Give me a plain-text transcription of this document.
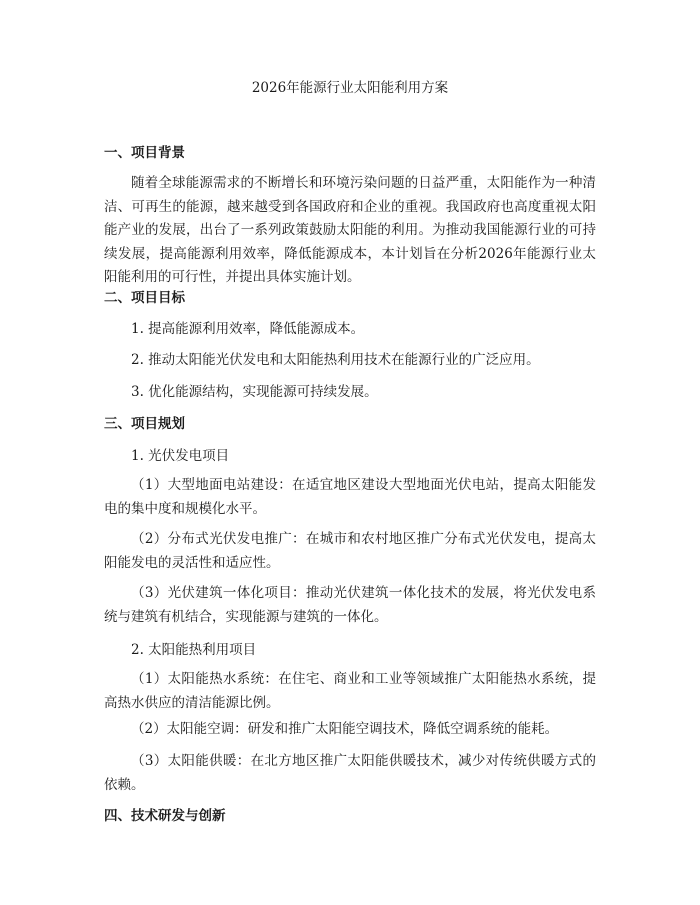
2026年能源行业太阳能利用方案
一、项目背景

随着全球能源需求的不断增长和环境污染问题的日益严重，太阳能作为一种清洁、可再生的能源，越来越受到各国政府和企业的重视。我国政府也高度重视太阳能产业的发展，出台了一系列政策鼓励太阳能的利用。为推动我国能源行业的可持续发展，提高能源利用效率，降低能源成本，本计划旨在分析2026年能源行业太阳能利用的可行性，并提出具体实施计划。

二、项目目标
1. 提高能源利用效率，降低能源成本。
2. 推动太阳能光伏发电和太阳能热利用技术在能源行业的广泛应用。
3. 优化能源结构，实现能源可持续发展。
三、项目规划
1. 光伏发电项目

（1）大型地面电站建设：在适宜地区建设大型地面光伏电站，提高太阳能发电的集中度和规模化水平。

（2）分布式光伏发电推广：在城市和农村地区推广分布式光伏发电，提高太阳能发电的灵活性和适应性。

（3）光伏建筑一体化项目：推动光伏建筑一体化技术的发展，将光伏发电系统与建筑有机结合，实现能源与建筑的一体化。

2. 太阳能热利用项目

（1）太阳能热水系统：在住宅、商业和工业等领域推广太阳能热水系统，提高热水供应的清洁能源比例。

（2）太阳能空调：研发和推广太阳能空调技术，降低空调系统的能耗。

（3）太阳能供暖：在北方地区推广太阳能供暖技术，减少对传统供暖方式的依赖。

四、技术研发与创新
